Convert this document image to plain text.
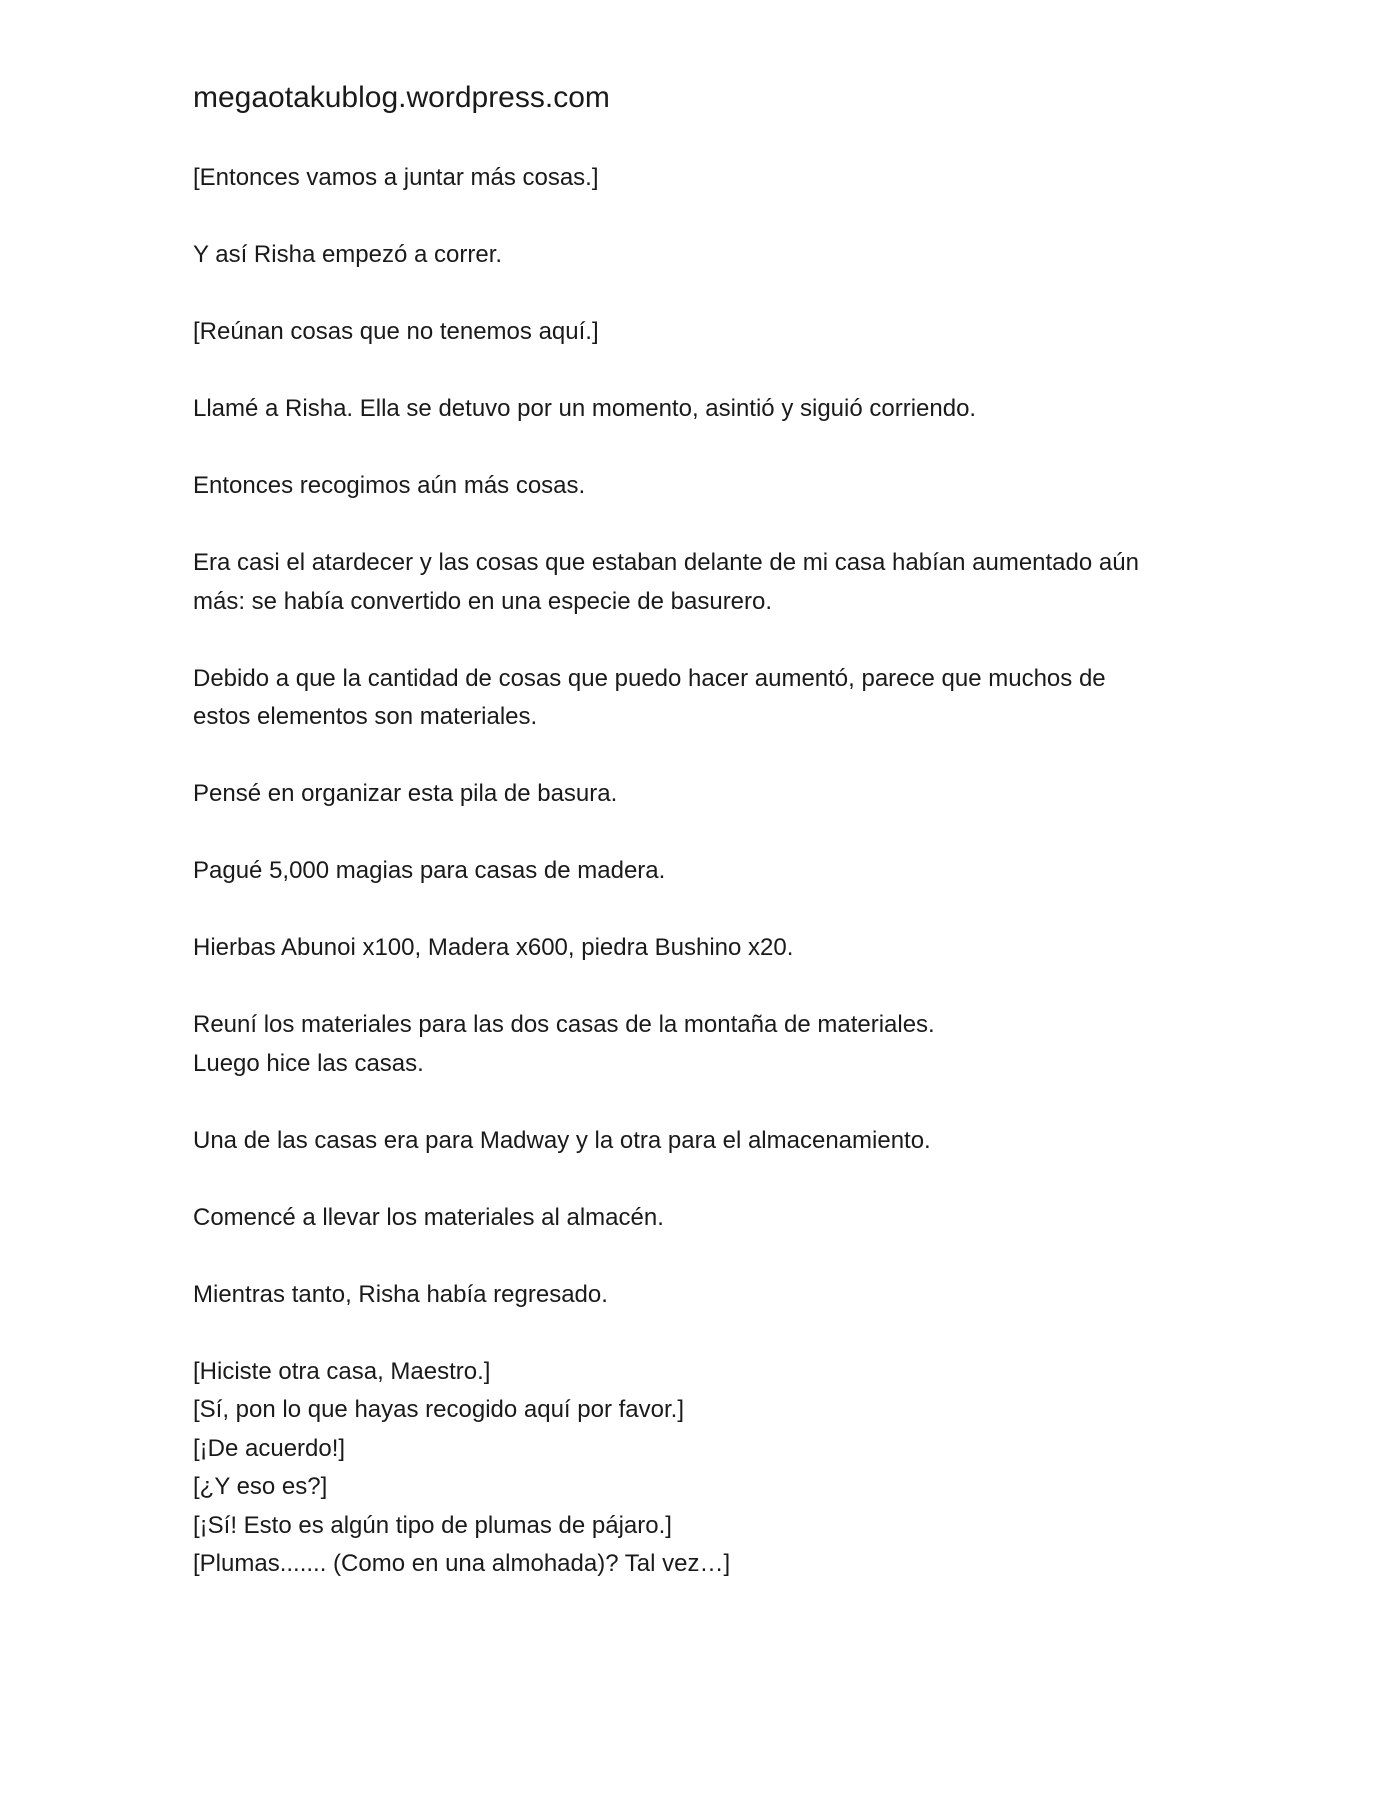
megaotakublog.wordpress.com

[Entonces vamos a juntar más cosas.]

Y así Risha empezó a correr.

[Reúnan cosas que no tenemos aquí.]

Llamé a Risha. Ella se detuvo por un momento, asintió y siguió corriendo.

Entonces recogimos aún más cosas.

Era casi el atardecer y las cosas que estaban delante de mi casa habían aumentado aún
más: se había convertido en una especie de basurero.

Debido a que la cantidad de cosas que puedo hacer aumentó, parece que muchos de
estos elementos son materiales.

Pensé en organizar esta pila de basura.

Pagué 5,000 magias para casas de madera.

Hierbas Abunoi x100, Madera x600, piedra Bushino x20.

Reuní los materiales para las dos casas de la montaña de materiales.
Luego hice las casas.

Una de las casas era para Madway y la otra para el almacenamiento.

Comencé a llevar los materiales al almacén.

Mientras tanto, Risha había regresado.

[Hiciste otra casa, Maestro.]
[Sí, pon lo que hayas recogido aquí por favor.]
[¡De acuerdo!]
[¿Y eso es?]
[¡Sí! Esto es algún tipo de plumas de pájaro.]
[Plumas....... (Como en una almohada)? Tal vez…]
